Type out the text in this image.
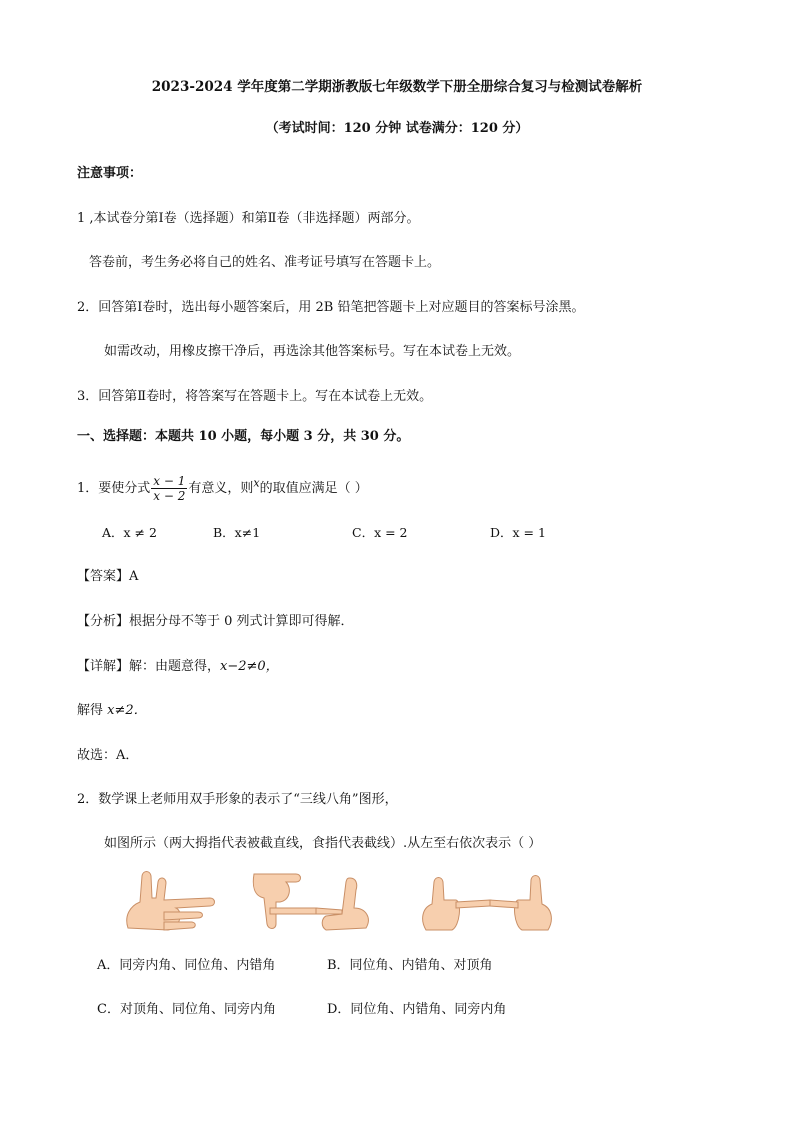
2023-2024 学年度第二学期浙教版七年级数学下册全册综合复习与检测试卷解析
（考试时间：120 分钟 试卷满分：120 分）
注意事项：
1 ,本试卷分第Ⅰ卷（选择题）和第Ⅱ卷（非选择题）两部分。
答卷前，考生务必将自己的姓名、准考证号填写在答题卡上。
2．回答第Ⅰ卷时，选出每小题答案后，用 2B 铅笔把答题卡上对应题目的答案标号涂黑。
如需改动，用橡皮擦干净后，再选涂其他答案标号。写在本试卷上无效。
3．回答第Ⅱ卷时，将答案写在答题卡上。写在本试卷上无效。
一、选择题：本题共 10 小题，每小题 3 分，共 30 分。
1．要使分式 $\frac{x - 1}{x - 2}$ 有意义，则$^x$的取值应满足（ ）
A．x ≠ 2	B．x≠1	C．x = 2	D．x = 1
【答案】A
【分析】根据分母不等于 0 列式计算即可得解．
【详解】解：由题意得，x−2≠0，
解得 x≠2．
故选：A．
2．数学课上老师用双手形象的表示了“三线八角”图形，
如图所示（两大拇指代表被截直线，食指代表截线）.从左至右依次表示（ ）
A．同旁内角、同位角、内错角	B．同位角、内错角、对顶角
C．对顶角、同位角、同旁内角	D．同位角、内错角、同旁内角
